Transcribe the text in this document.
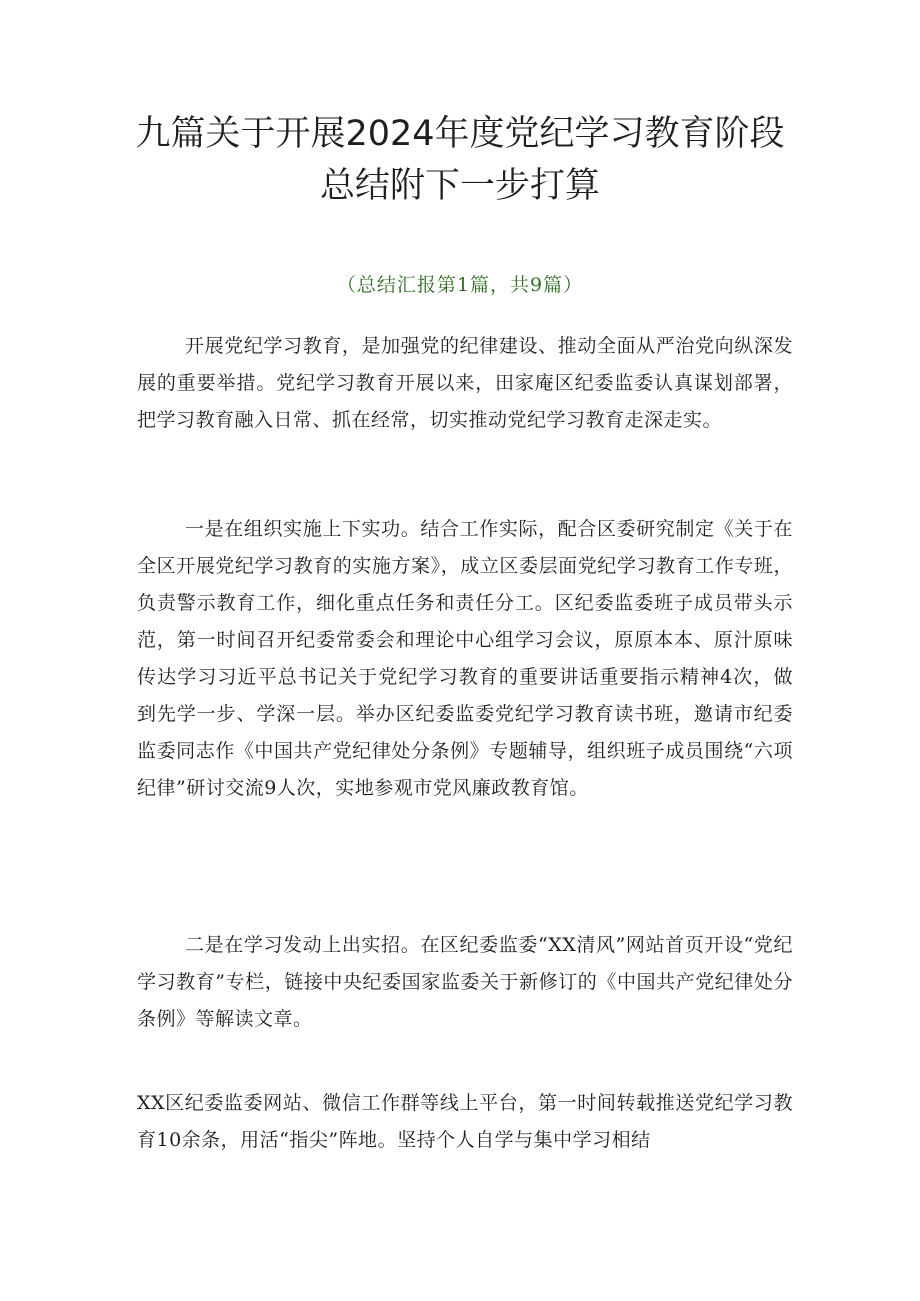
九篇关于开展2024年度党纪学习教育阶段
总结附下一步打算

（总结汇报第1篇，共9篇）

开展党纪学习教育，是加强党的纪律建设、推动全面从严治党向纵深发展的重要举措。党纪学习教育开展以来，田家庵区纪委监委认真谋划部署，把学习教育融入日常、抓在经常，切实推动党纪学习教育走深走实。

一是在组织实施上下实功。结合工作实际，配合区委研究制定《关于在全区开展党纪学习教育的实施方案》，成立区委层面党纪学习教育工作专班，负责警示教育工作，细化重点任务和责任分工。区纪委监委班子成员带头示范，第一时间召开纪委常委会和理论中心组学习会议，原原本本、原汁原味传达学习习近平总书记关于党纪学习教育的重要讲话重要指示精神4次，做到先学一步、学深一层。举办区纪委监委党纪学习教育读书班，邀请市纪委监委同志作《中国共产党纪律处分条例》专题辅导，组织班子成员围绕“六项纪律”研讨交流9人次，实地参观市党风廉政教育馆。

二是在学习发动上出实招。在区纪委监委“XX清风”网站首页开设“党纪学习教育”专栏，链接中央纪委国家监委关于新修订的《中国共产党纪律处分条例》等解读文章。

XX区纪委监委网站、微信工作群等线上平台，第一时间转载推送党纪学习教育10余条，用活“指尖”阵地。坚持个人自学与集中学习相结
